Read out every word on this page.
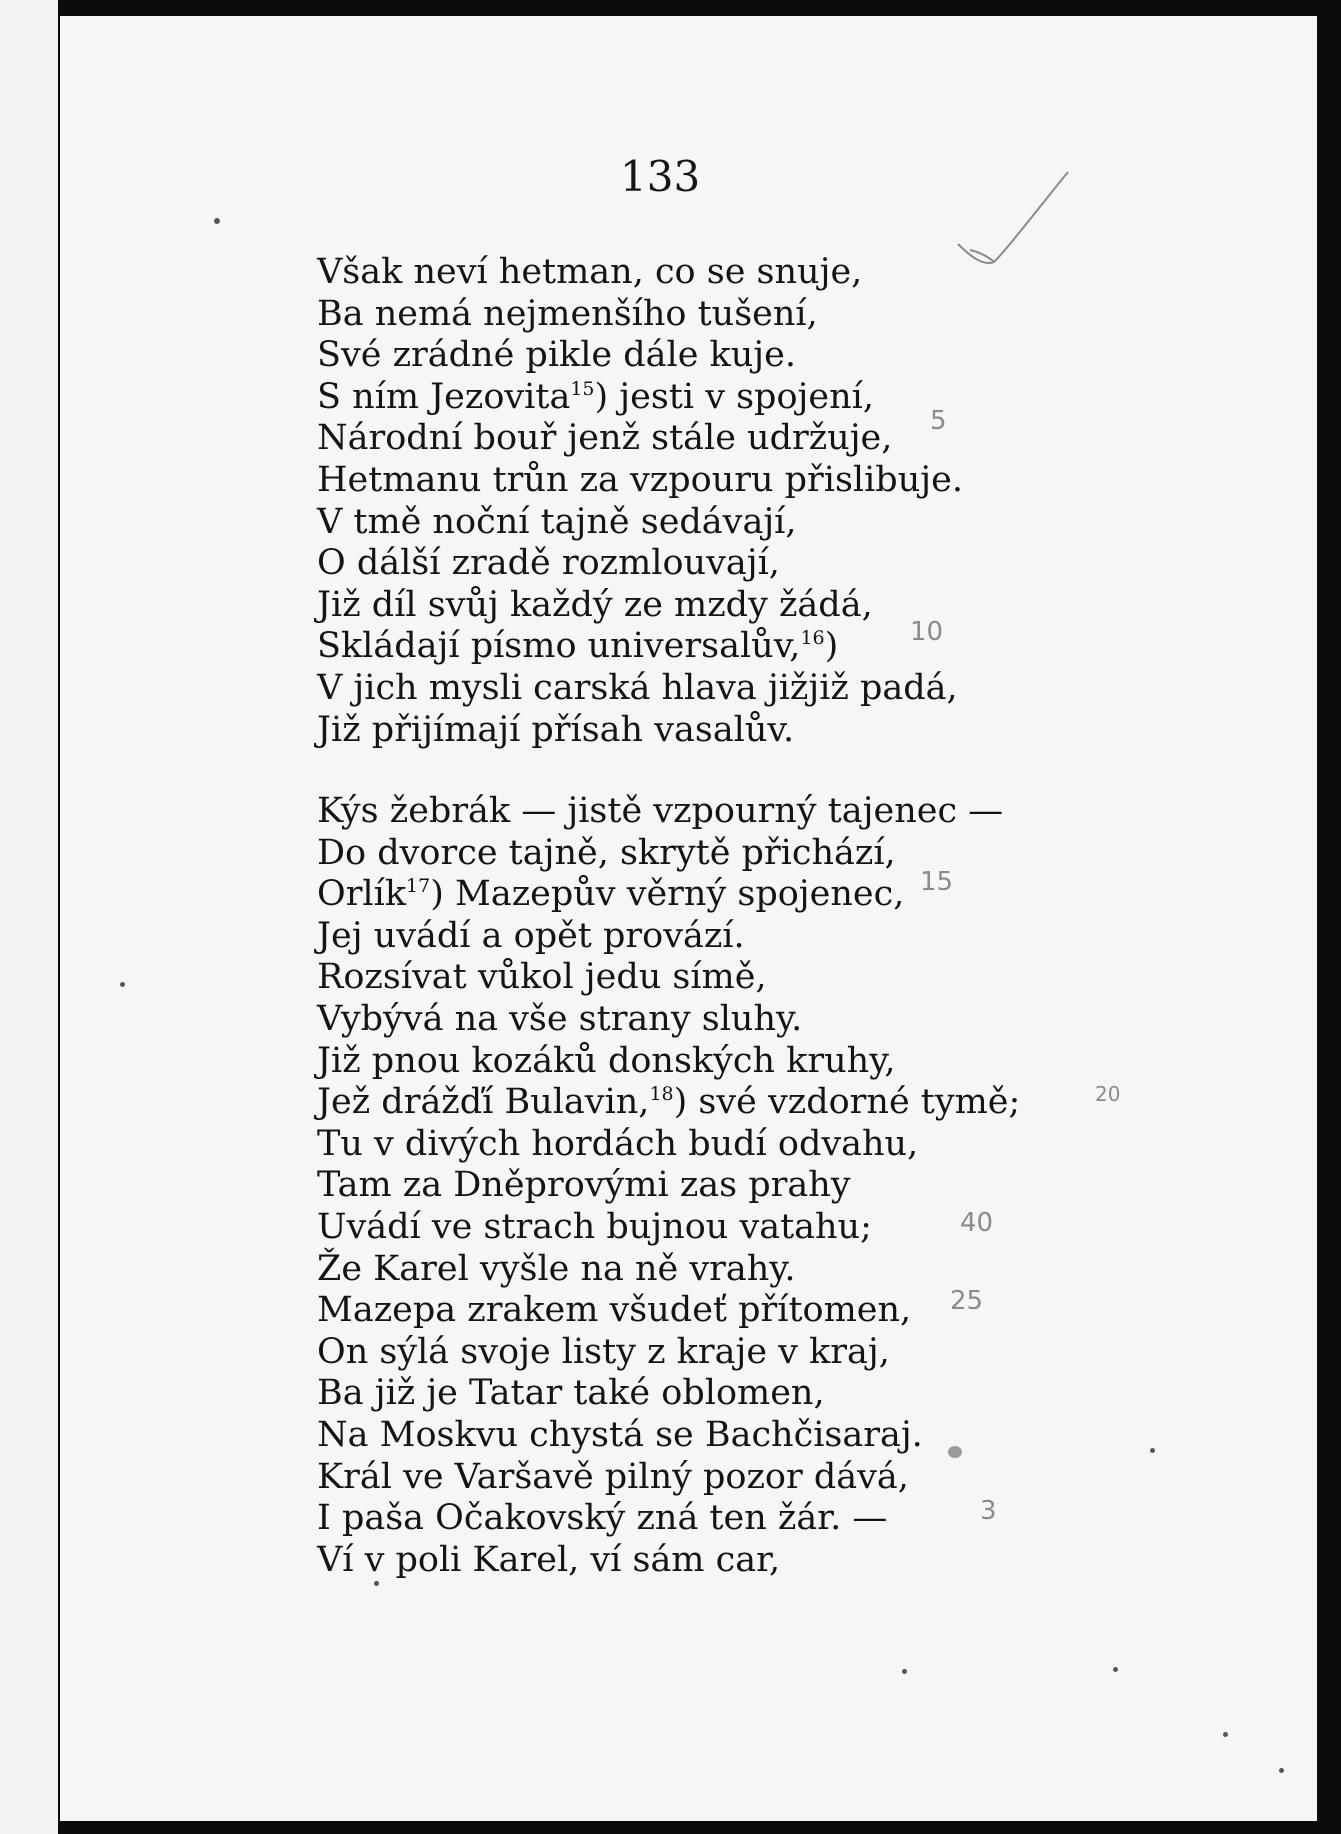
133

Však neví hetman, co se snuje,
Ba nemá nejmenšího tušení,
Své zrádné pikle dále kuje.
S ním Jezovita$^{15}$) jesti v spojení,
Národní bouř jenž stále udržuje,
Hetmanu trůn za vzpouru přislibuje.
V tmě noční tajně sedávají,
O dálší zradě rozmlouvají,
Již díl svůj každý ze mzdy žádá,
Skládají písmo universalův,$^{16}$)
V jich mysli carská hlava jižjiž padá,
Již přijímají přísah vasalův.
Kýs žebrák — jistě vzpourný tajenec —
Do dvorce tajně, skrytě přichází,
Orlík$^{17}$) Mazepův věrný spojenec,
Jej uvádí a opět provází.
Rozsívat vůkol jedu símě,
Vybývá na vše strany sluhy.
Již pnou kozáků donských kruhy,
Jež drážďí Bulavin,$^{18}$) své vzdorné tymě;
Tu v divých hordách budí odvahu,
Tam za Dněprovými zas prahy
Uvádí ve strach bujnou vatahu;
Že Karel vyšle na ně vrahy.
Mazepa zrakem všudeť přítomen,
On sýlá svoje listy z kraje v kraj,
Ba již je Tatar také oblomen,
Na Moskvu chystá se Bachčisaraj.
Král ve Varšavě pilný pozor dává,
I paša Očakovský zná ten žár. —
Ví v poli Karel, ví sám car,
5
10
15
20
40
25
3
